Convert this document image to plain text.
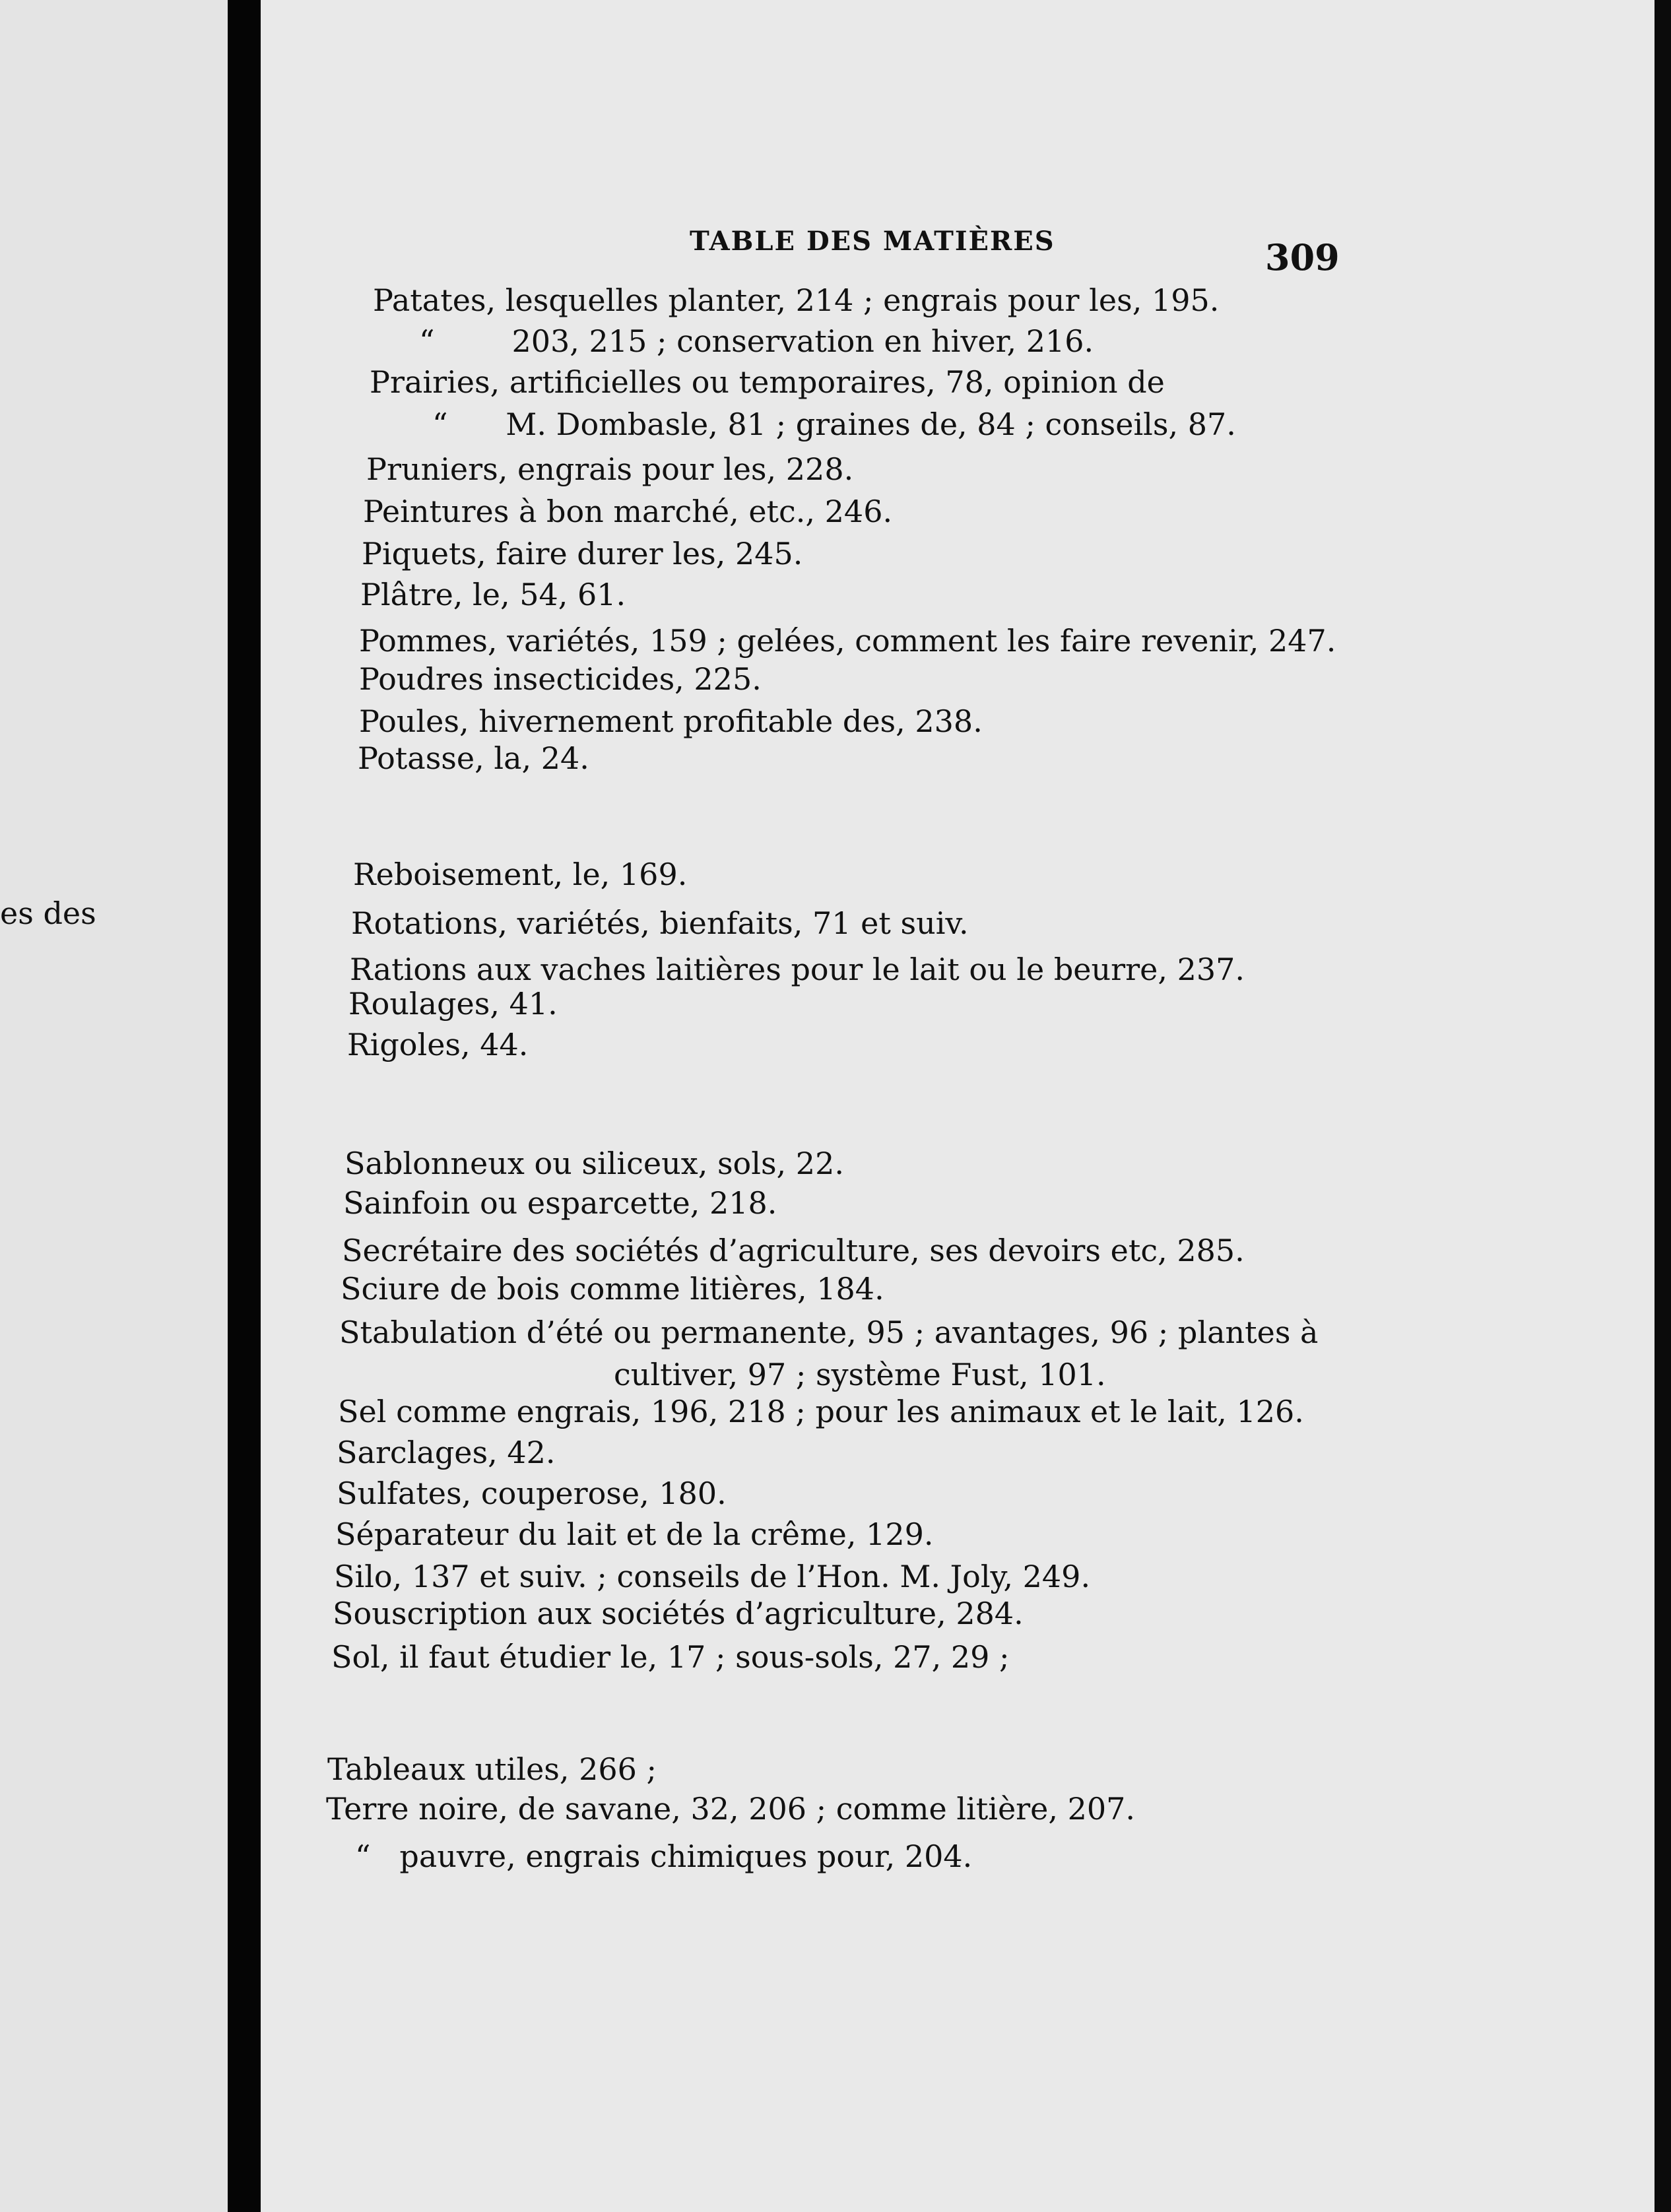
es des
TABLE DES MATIÈRES	309
Patates, lesquelles planter, 214 ; engrais pour les, 195.
“        203, 215 ; conservation en hiver, 216.
Prairies, artificielles ou temporaires, 78, opinion de
“      M. Dombasle, 81 ; graines de, 84 ; conseils, 87.
Pruniers, engrais pour les, 228.
Peintures à bon marché, etc., 246.
Piquets, faire durer les, 245.
Plâtre, le, 54, 61.
Pommes, variétés, 159 ; gelées, comment les faire revenir, 247.
Poudres insecticides, 225.
Poules, hivernement profitable des, 238.
Potasse, la, 24.
Reboisement, le, 169.
Rotations, variétés, bienfaits, 71 et suiv.
Rations aux vaches laitières pour le lait ou le beurre, 237.
Roulages, 41.
Rigoles, 44.
Sablonneux ou siliceux, sols, 22.
Sainfoin ou esparcette, 218.
Secrétaire des sociétés d’agriculture, ses devoirs etc, 285.
Sciure de bois comme litières, 184.
Stabulation d’été ou permanente, 95 ; avantages, 96 ; plantes à
cultiver, 97 ; système Fust, 101.
Sel comme engrais, 196, 218 ; pour les animaux et le lait, 126.
Sarclages, 42.
Sulfates, couperose, 180.
Séparateur du lait et de la crême, 129.
Silo, 137 et suiv. ; conseils de l’Hon. M. Joly, 249.
Souscription aux sociétés d’agriculture, 284.
Sol, il faut étudier le, 17 ; sous-sols, 27, 29 ;
Tableaux utiles, 266 ;
Terre noire, de savane, 32, 206 ; comme litière, 207.
“   pauvre, engrais chimiques pour, 204.
